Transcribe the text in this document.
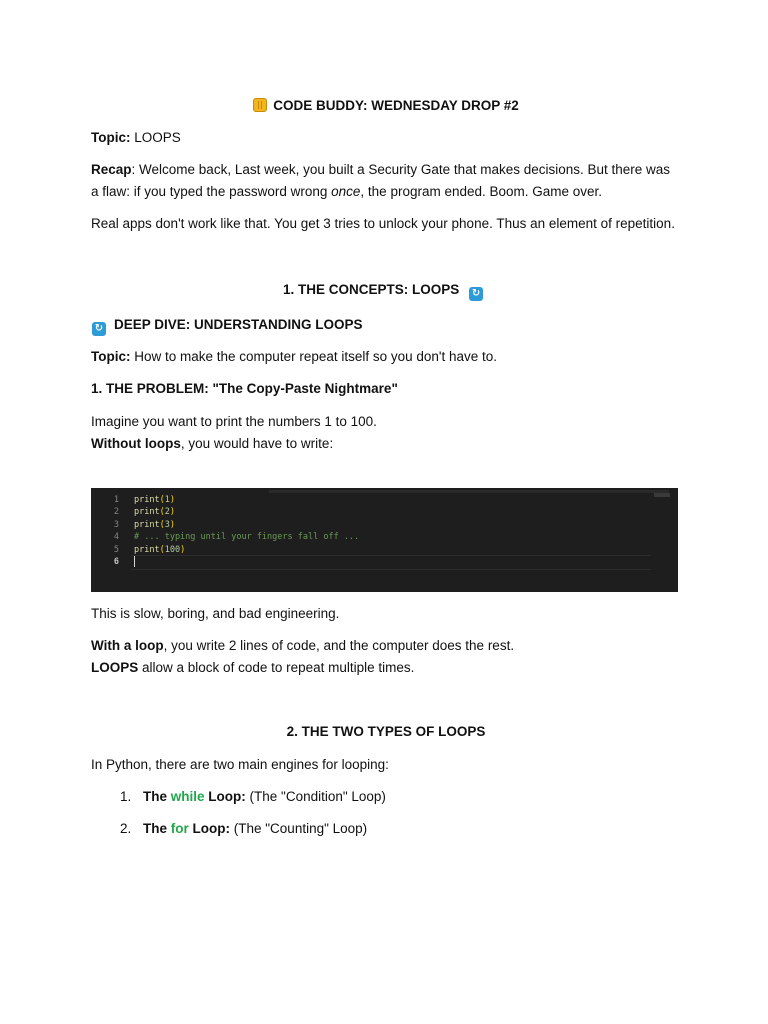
CODE BUDDY: WEDNESDAY DROP #2

Topic: LOOPS

Recap: Welcome back, Last week, you built a Security Gate that makes decisions. But there was a flaw: if you typed the password wrong once, the program ended. Boom. Game over.

Real apps don't work like that. You get 3 tries to unlock your phone. Thus an element of repetition.

1. THE CONCEPTS: LOOPS ↻

↻ DEEP DIVE: UNDERSTANDING LOOPS

Topic: How to make the computer repeat itself so you don't have to.

1. THE PROBLEM: "The Copy-Paste Nightmare"

Imagine you want to print the numbers 1 to 100.

Without loops, you would have to write:

1 print(1)
2 print(2)
3 print(3)
4 # ... typing until your fingers fall off ...
5 print(100)
6

This is slow, boring, and bad engineering.

With a loop, you write 2 lines of code, and the computer does the rest.

LOOPS allow a block of code to repeat multiple times.

2. THE TWO TYPES OF LOOPS

In Python, there are two main engines for looping:

1. The while Loop: (The "Condition" Loop)
2. The for Loop: (The "Counting" Loop)
